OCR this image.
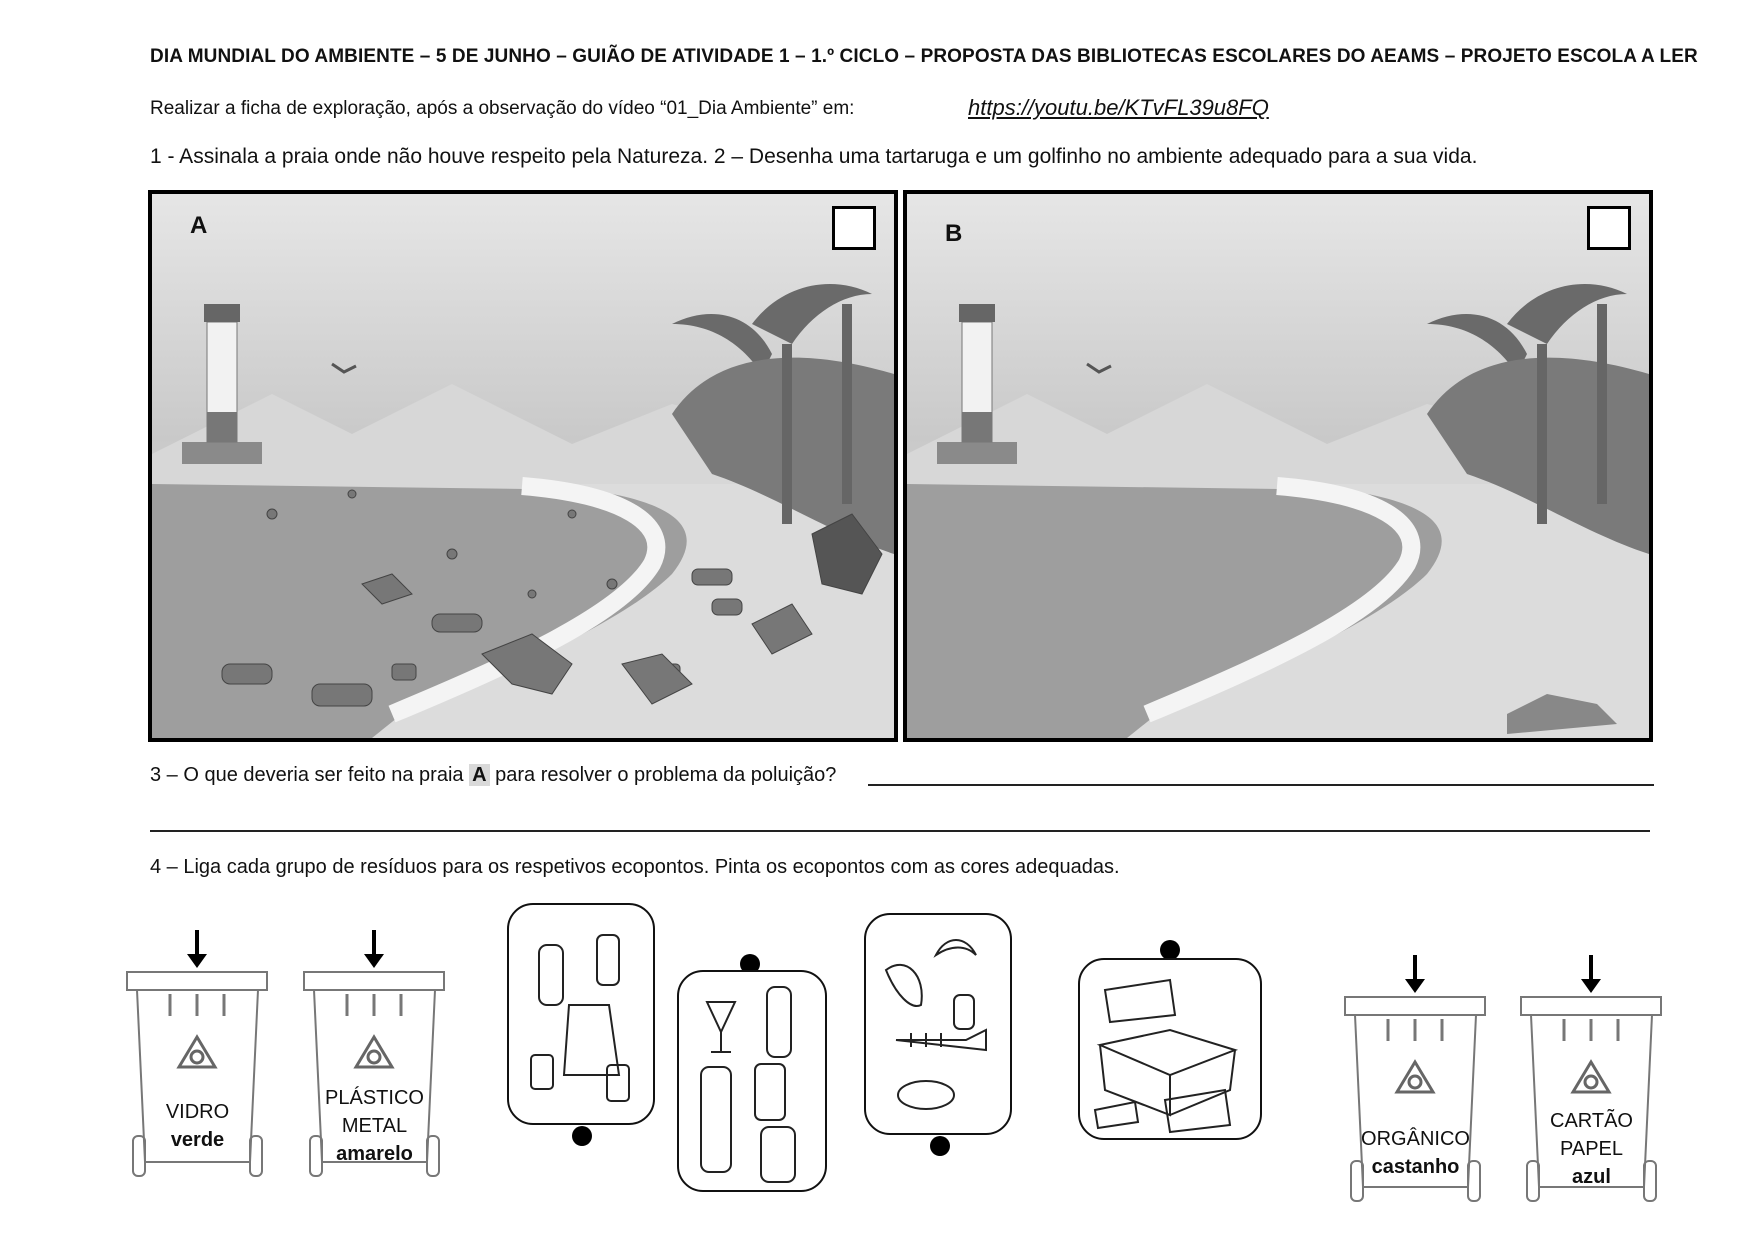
DIA MUNDIAL DO AMBIENTE – 5 DE JUNHO – GUIÃO DE ATIVIDADE 1 – 1.º CICLO – PROPOSTA DAS BIBLIOTECAS ESCOLARES DO AEAMS – PROJETO ESCOLA A LER
Realizar a ficha de exploração, após a observação do vídeo “01_Dia Ambiente” em:	https://youtu.be/KTvFL39u8FQ
1 - Assinala a praia onde não houve respeito pela Natureza. 2 – Desenha uma tartaruga e um golfinho no ambiente adequado para a sua vida.
A	B
3 – O que deveria ser feito na praia A para resolver o problema da poluição?
4 – Liga cada grupo de resíduos para os respetivos ecopontos. Pinta os ecopontos com as cores adequadas.
VIDRO
verde
PLÁSTICO
METAL
amarelo
ORGÂNICO
castanho
CARTÃO
PAPEL
azul
